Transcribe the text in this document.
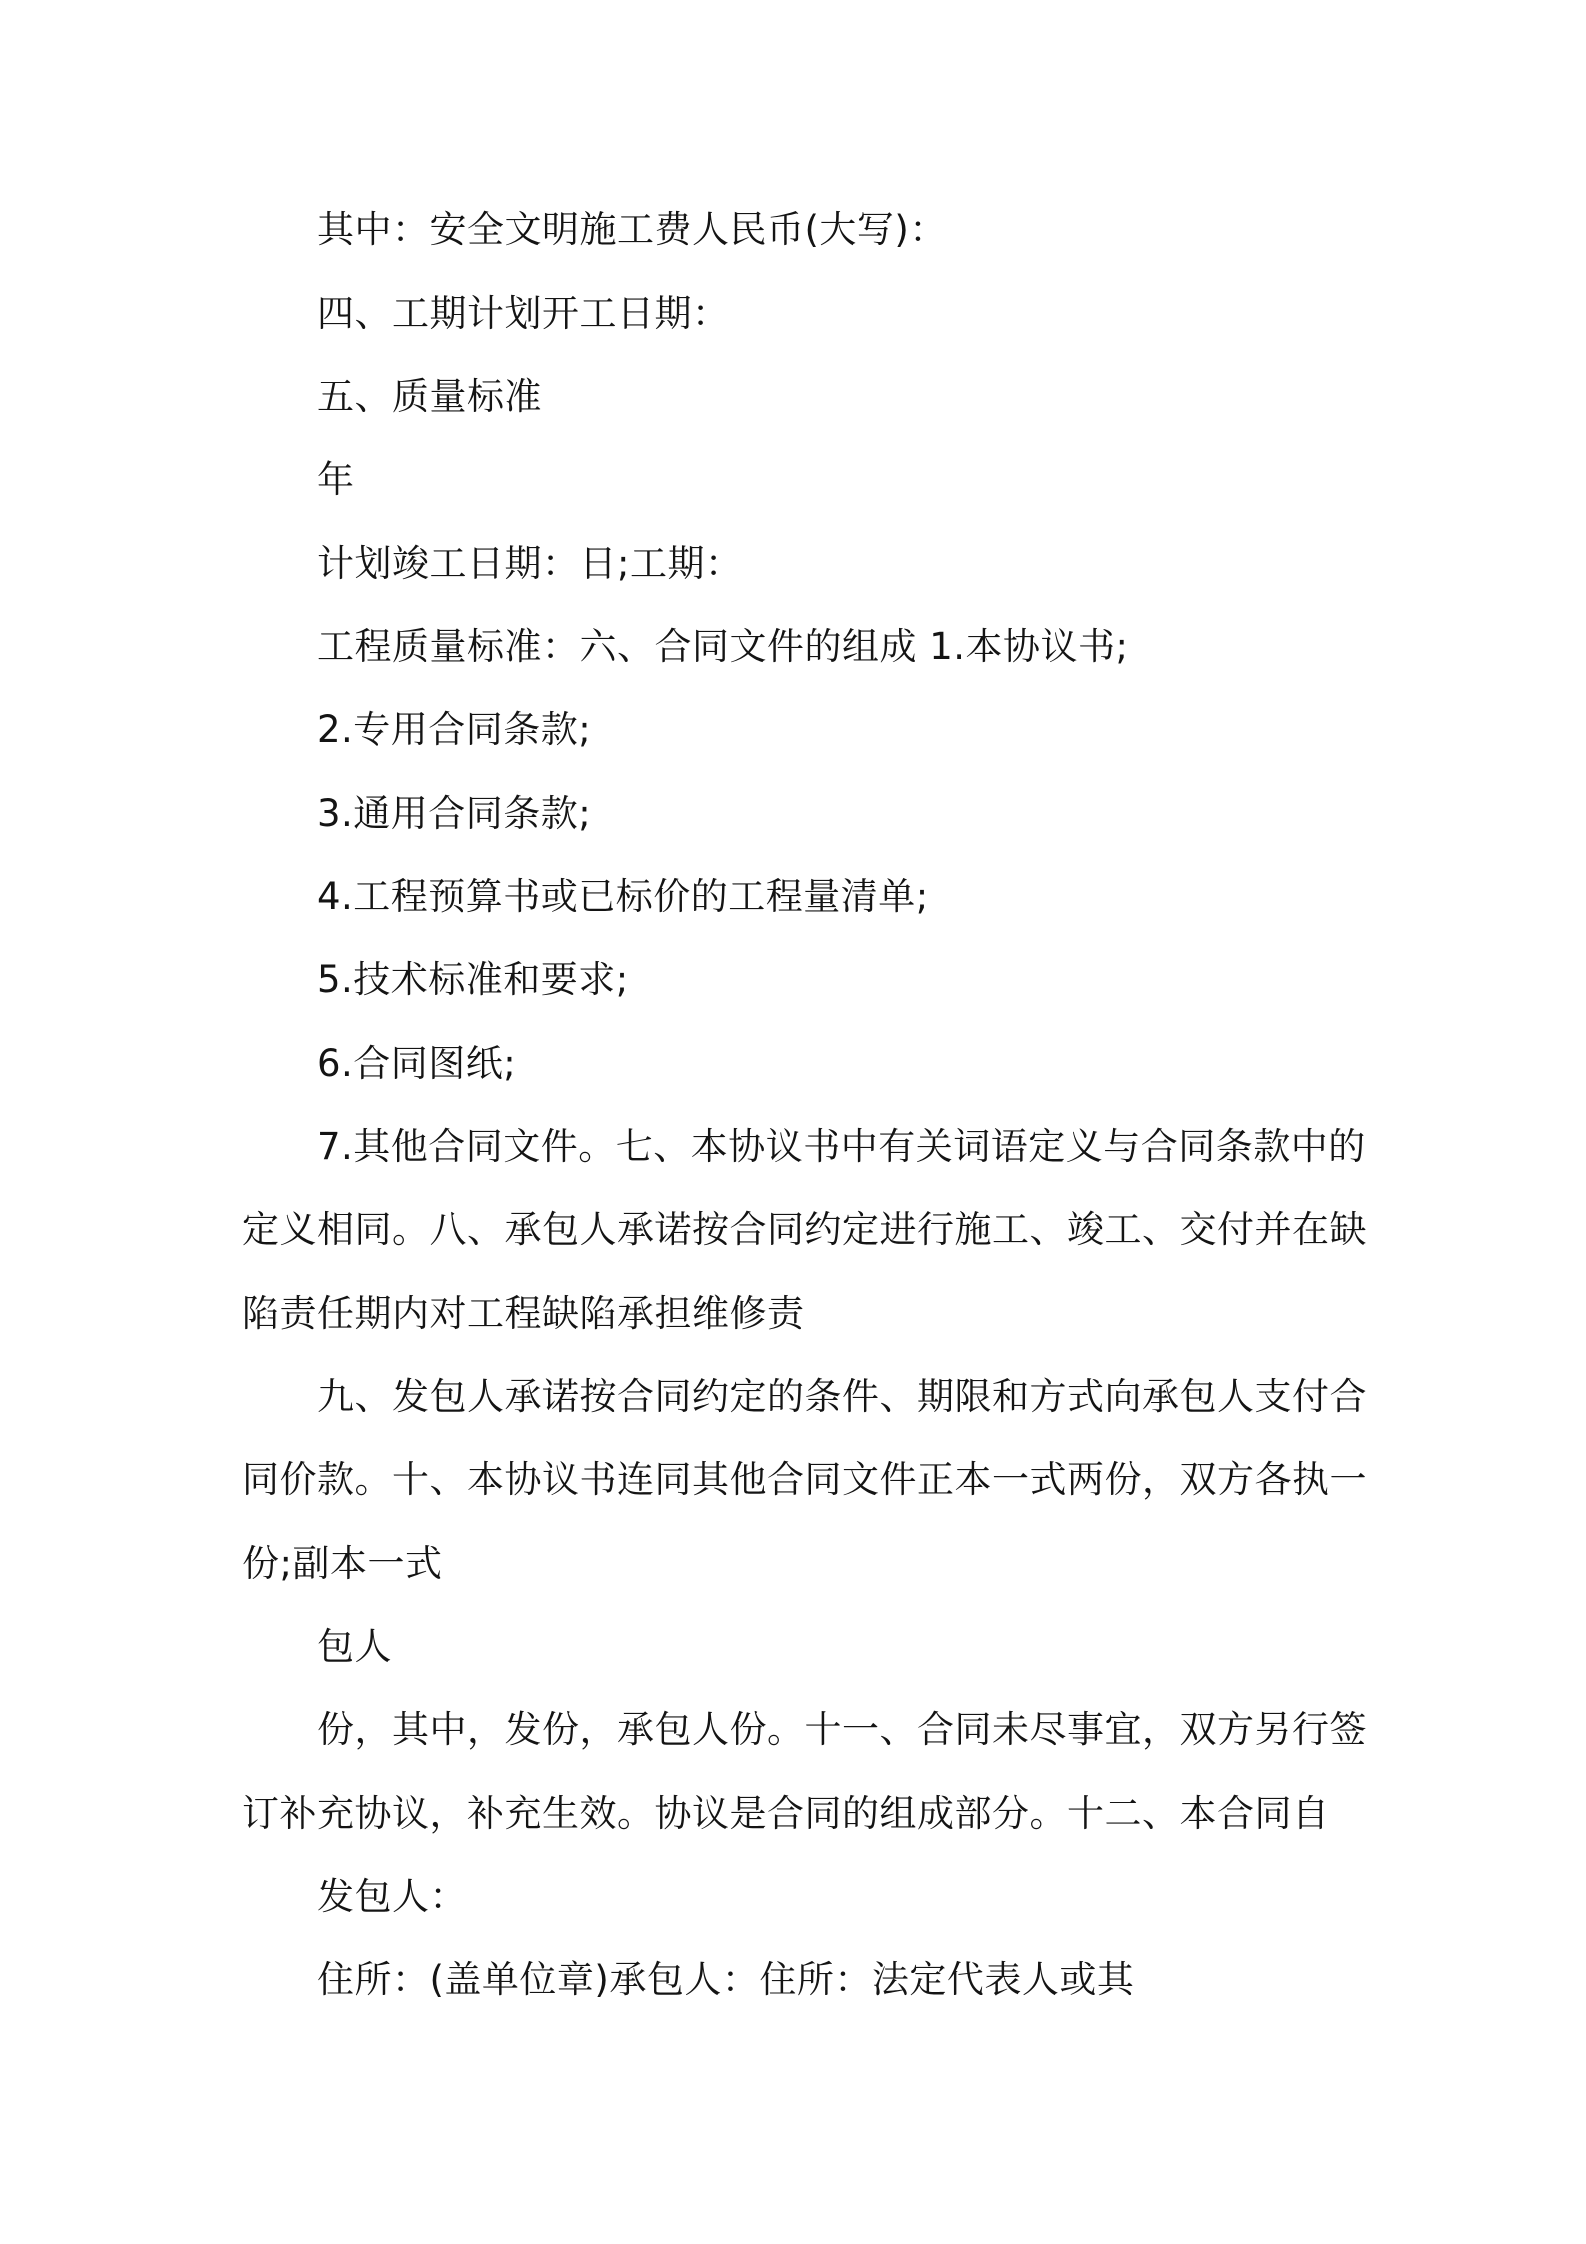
其中：安全文明施工费人民币(大写)：
四、工期计划开工日期：
五、质量标准
年
计划竣工日期：日;工期：
工程质量标准：六、合同文件的组成 1.本协议书;
2.专用合同条款;
3.通用合同条款;
4.工程预算书或已标价的工程量清单;
5.技术标准和要求;
6.合同图纸;
7.其他合同文件。七、本协议书中有关词语定义与合同条款中的
定义相同。八、承包人承诺按合同约定进行施工、竣工、交付并在缺
陷责任期内对工程缺陷承担维修责
九、发包人承诺按合同约定的条件、期限和方式向承包人支付合
同价款。十、本协议书连同其他合同文件正本一式两份，双方各执一
份;副本一式
包人
份，其中，发份，承包人份。十一、合同未尽事宜，双方另行签
订补充协议，补充生效。协议是合同的组成部分。十二、本合同自
发包人：
住所：(盖单位章)承包人：住所：法定代表人或其
